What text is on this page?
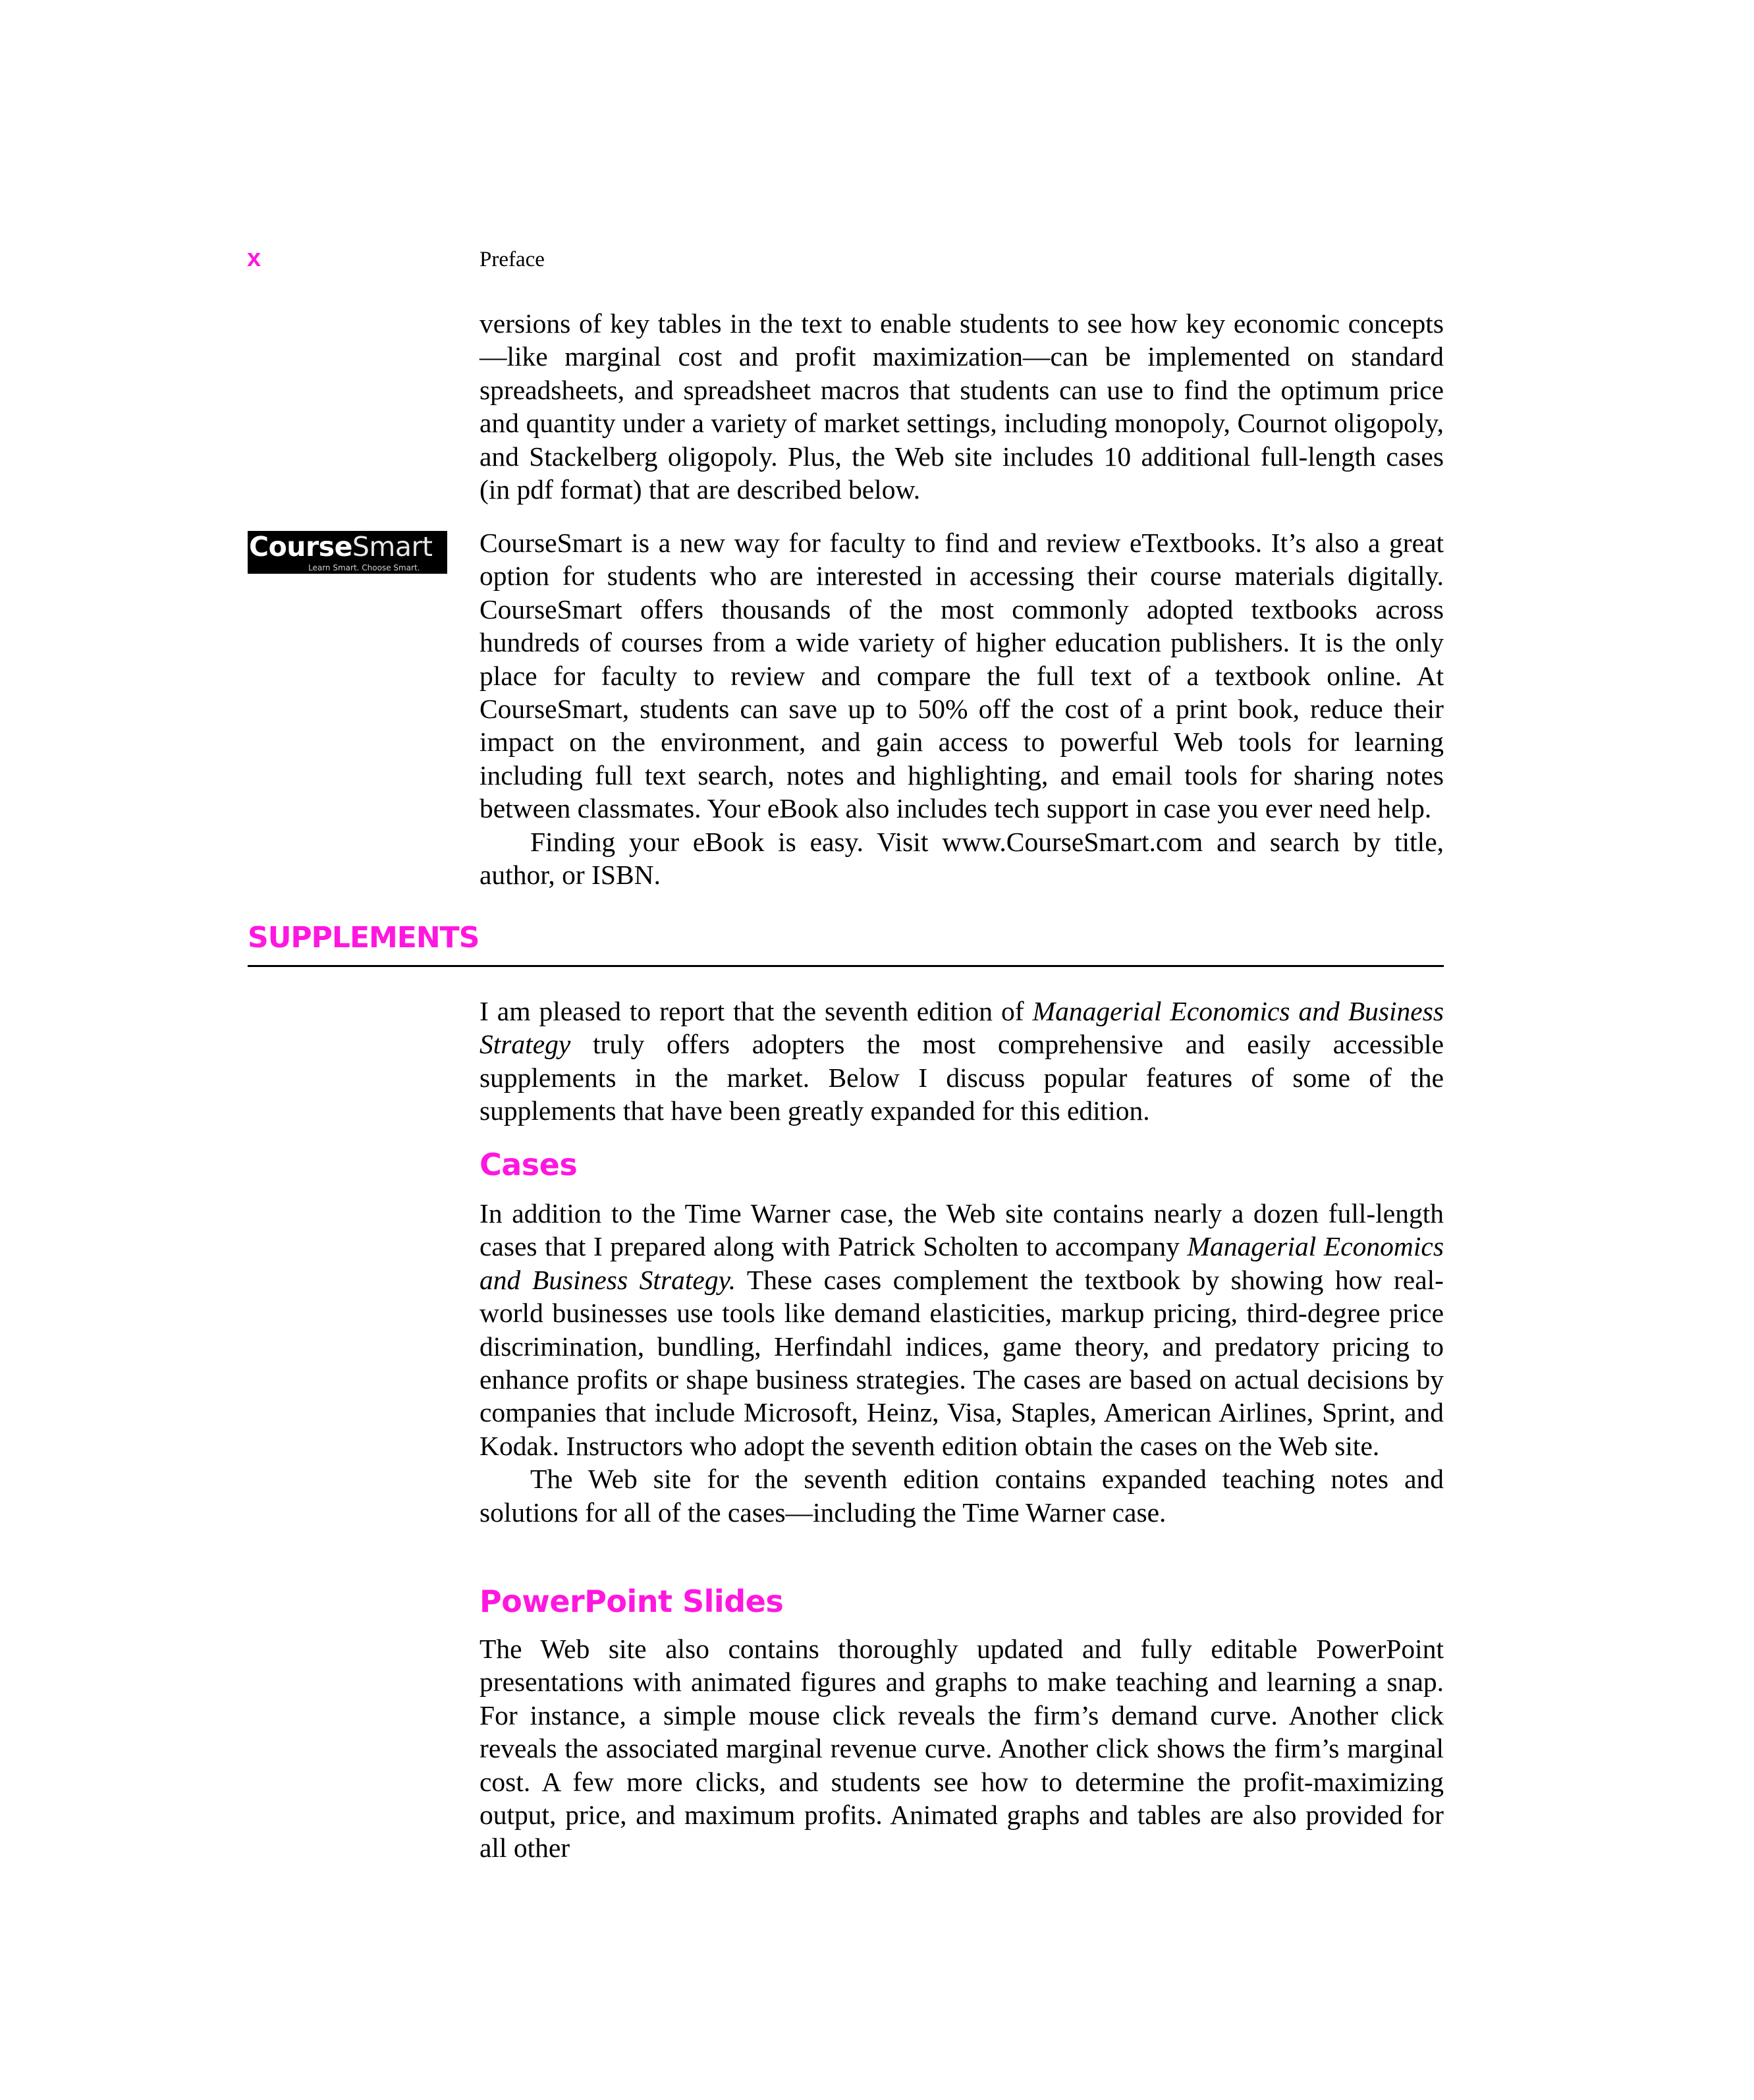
x	Preface

versions of key tables in the text to enable students to see how key economic concepts—like marginal cost and profit maximization—can be implemented on standard spreadsheets, and spreadsheet macros that students can use to find the optimum price and quantity under a variety of market settings, including monopoly, Cournot oligopoly, and Stackelberg oligopoly. Plus, the Web site includes 10 additional full-length cases (in pdf format) that are described below.

CourseSmart
Learn Smart. Choose Smart.

CourseSmart is a new way for faculty to find and review eTextbooks. It’s also a great option for students who are interested in accessing their course materials digitally. CourseSmart offers thousands of the most commonly adopted textbooks across hundreds of courses from a wide variety of higher education publishers. It is the only place for faculty to review and compare the full text of a textbook online. At CourseSmart, students can save up to 50% off the cost of a print book, reduce their impact on the environment, and gain access to powerful Web tools for learning including full text search, notes and highlighting, and email tools for sharing notes between classmates. Your eBook also includes tech support in case you ever need help.

Finding your eBook is easy. Visit www.CourseSmart.com and search by title, author, or ISBN.

SUPPLEMENTS

I am pleased to report that the seventh edition of Managerial Economics and Business Strategy truly offers adopters the most comprehensive and easily accessible supplements in the market. Below I discuss popular features of some of the supplements that have been greatly expanded for this edition.

Cases

In addition to the Time Warner case, the Web site contains nearly a dozen full-length cases that I prepared along with Patrick Scholten to accompany Managerial Economics and Business Strategy. These cases complement the textbook by showing how real-world businesses use tools like demand elasticities, markup pricing, third-degree price discrimination, bundling, Herfindahl indices, game theory, and predatory pricing to enhance profits or shape business strategies. The cases are based on actual decisions by companies that include Microsoft, Heinz, Visa, Staples, American Airlines, Sprint, and Kodak. Instructors who adopt the seventh edition obtain the cases on the Web site.

The Web site for the seventh edition contains expanded teaching notes and solutions for all of the cases—including the Time Warner case.

PowerPoint Slides

The Web site also contains thoroughly updated and fully editable PowerPoint presentations with animated figures and graphs to make teaching and learning a snap. For instance, a simple mouse click reveals the firm’s demand curve. Another click reveals the associated marginal revenue curve. Another click shows the firm’s marginal cost. A few more clicks, and students see how to determine the profit-maximizing output, price, and maximum profits. Animated graphs and tables are also provided for all other
